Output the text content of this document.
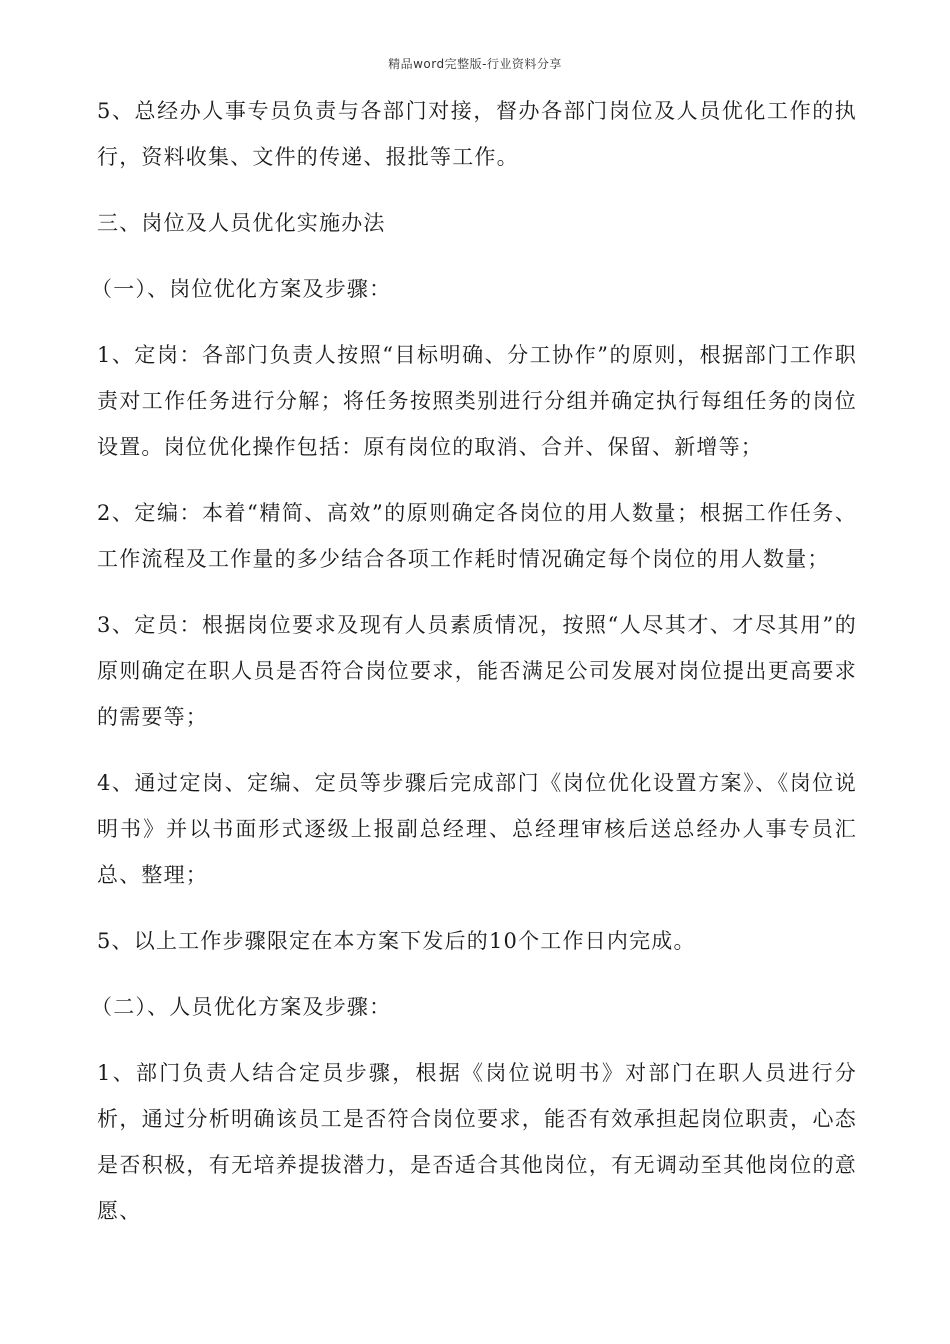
精品word完整版-行业资料分享

5、总经办人事专员负责与各部门对接，督办各部门岗位及人员优化工作的执行，资料收集、文件的传递、报批等工作。

三、岗位及人员优化实施办法

（一）、岗位优化方案及步骤：

1、定岗：各部门负责人按照“目标明确、分工协作”的原则，根据部门工作职责对工作任务进行分解；将任务按照类别进行分组并确定执行每组任务的岗位设置。岗位优化操作包括：原有岗位的取消、合并、保留、新增等；

2、定编：本着“精简、高效”的原则确定各岗位的用人数量；根据工作任务、工作流程及工作量的多少结合各项工作耗时情况确定每个岗位的用人数量；

3、定员：根据岗位要求及现有人员素质情况，按照“人尽其才、才尽其用”的原则确定在职人员是否符合岗位要求，能否满足公司发展对岗位提出更高要求的需要等；

4、通过定岗、定编、定员等步骤后完成部门《岗位优化设置方案》、《岗位说明书》并以书面形式逐级上报副总经理、总经理审核后送总经办人事专员汇总、整理；

5、以上工作步骤限定在本方案下发后的10个工作日内完成。

（二）、人员优化方案及步骤：

1、部门负责人结合定员步骤，根据《岗位说明书》对部门在职人员进行分析，通过分析明确该员工是否符合岗位要求，能否有效承担起岗位职责，心态是否积极，有无培养提拔潜力，是否适合其他岗位，有无调动至其他岗位的意愿、
